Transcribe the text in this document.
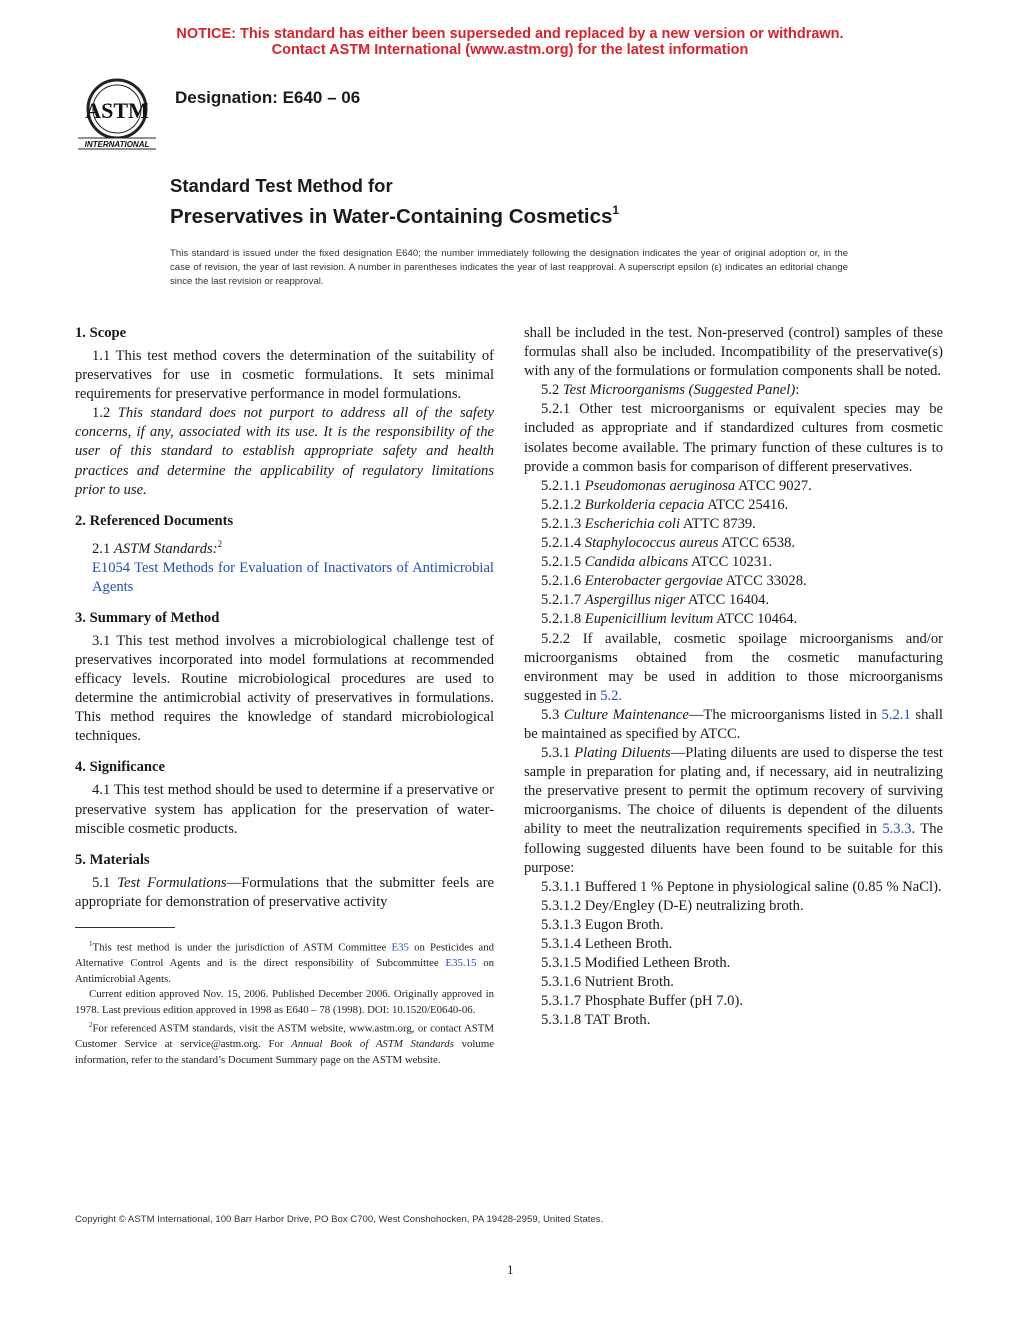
NOTICE: This standard has either been superseded and replaced by a new version or withdrawn.
Contact ASTM International (www.astm.org) for the latest information
ASTM
INTERNATIONAL
Designation: E640 – 06
Standard Test Method for
Preservatives in Water-Containing Cosmetics$^1$
This standard is issued under the fixed designation E640; the number immediately following the designation indicates the year of original adoption or, in the case of revision, the year of last revision. A number in parentheses indicates the year of last reapproval. A superscript epsilon (ε) indicates an editorial change since the last revision or reapproval.
1. Scope

1.1 This test method covers the determination of the suitability of preservatives for use in cosmetic formulations. It sets minimal requirements for preservative performance in model formulations.

1.2 This standard does not purport to address all of the safety concerns, if any, associated with its use. It is the responsibility of the user of this standard to establish appropriate safety and health practices and determine the applicability of regulatory limitations prior to use.

2. Referenced Documents

2.1 ASTM Standards:$^2$

E1054 Test Methods for Evaluation of Inactivators of Antimicrobial Agents

3. Summary of Method

3.1 This test method involves a microbiological challenge test of preservatives incorporated into model formulations at recommended efficacy levels. Routine microbiological procedures are used to determine the antimicrobial activity of preservatives in formulations. This method requires the knowledge of standard microbiological techniques.

4. Significance

4.1 This test method should be used to determine if a preservative or preservative system has application for the preservation of water-miscible cosmetic products.

5. Materials

5.1 Test Formulations—Formulations that the submitter feels are appropriate for demonstration of preservative activity

$^1$This test method is under the jurisdiction of ASTM Committee E35 on Pesticides and Alternative Control Agents and is the direct responsibility of Subcommittee E35.15 on Antimicrobial Agents.

Current edition approved Nov. 15, 2006. Published December 2006. Originally approved in 1978. Last previous edition approved in 1998 as E640 – 78 (1998). DOI: 10.1520/E0640-06.

$^2$For referenced ASTM standards, visit the ASTM website, www.astm.org, or contact ASTM Customer Service at service@astm.org. For Annual Book of ASTM Standards volume information, refer to the standard’s Document Summary page on the ASTM website.

shall be included in the test. Non-preserved (control) samples of these formulas shall also be included. Incompatibility of the preservative(s) with any of the formulations or formulation components shall be noted.

5.2 Test Microorganisms (Suggested Panel):

5.2.1 Other test microorganisms or equivalent species may be included as appropriate and if standardized cultures from cosmetic isolates become available. The primary function of these cultures is to provide a common basis for comparison of different preservatives.

5.2.1.1 Pseudomonas aeruginosa ATCC 9027.

5.2.1.2 Burkolderia cepacia ATCC 25416.

5.2.1.3 Escherichia coli ATTC 8739.

5.2.1.4 Staphylococcus aureus ATCC 6538.

5.2.1.5 Candida albicans ATCC 10231.

5.2.1.6 Enterobacter gergoviae ATCC 33028.

5.2.1.7 Aspergillus niger ATCC 16404.

5.2.1.8 Eupenicillium levitum ATCC 10464.

5.2.2 If available, cosmetic spoilage microorganisms and/or microorganisms obtained from the cosmetic manufacturing environment may be used in addition to those microorganisms suggested in 5.2.

5.3 Culture Maintenance—The microorganisms listed in 5.2.1 shall be maintained as specified by ATCC.

5.3.1 Plating Diluents—Plating diluents are used to disperse the test sample in preparation for plating and, if necessary, aid in neutralizing the preservative present to permit the optimum recovery of surviving microorganisms. The choice of diluents is dependent of the diluents ability to meet the neutralization requirements specified in 5.3.3. The following suggested diluents have been found to be suitable for this purpose:

5.3.1.1 Buffered 1 % Peptone in physiological saline (0.85 % NaCl).

5.3.1.2 Dey/Engley (D-E) neutralizing broth.

5.3.1.3 Eugon Broth.

5.3.1.4 Letheen Broth.

5.3.1.5 Modified Letheen Broth.

5.3.1.6 Nutrient Broth.

5.3.1.7 Phosphate Buffer (pH 7.0).

5.3.1.8 TAT Broth.

Copyright © ASTM International, 100 Barr Harbor Drive, PO Box C700, West Conshohocken, PA 19428-2959, United States.
1
